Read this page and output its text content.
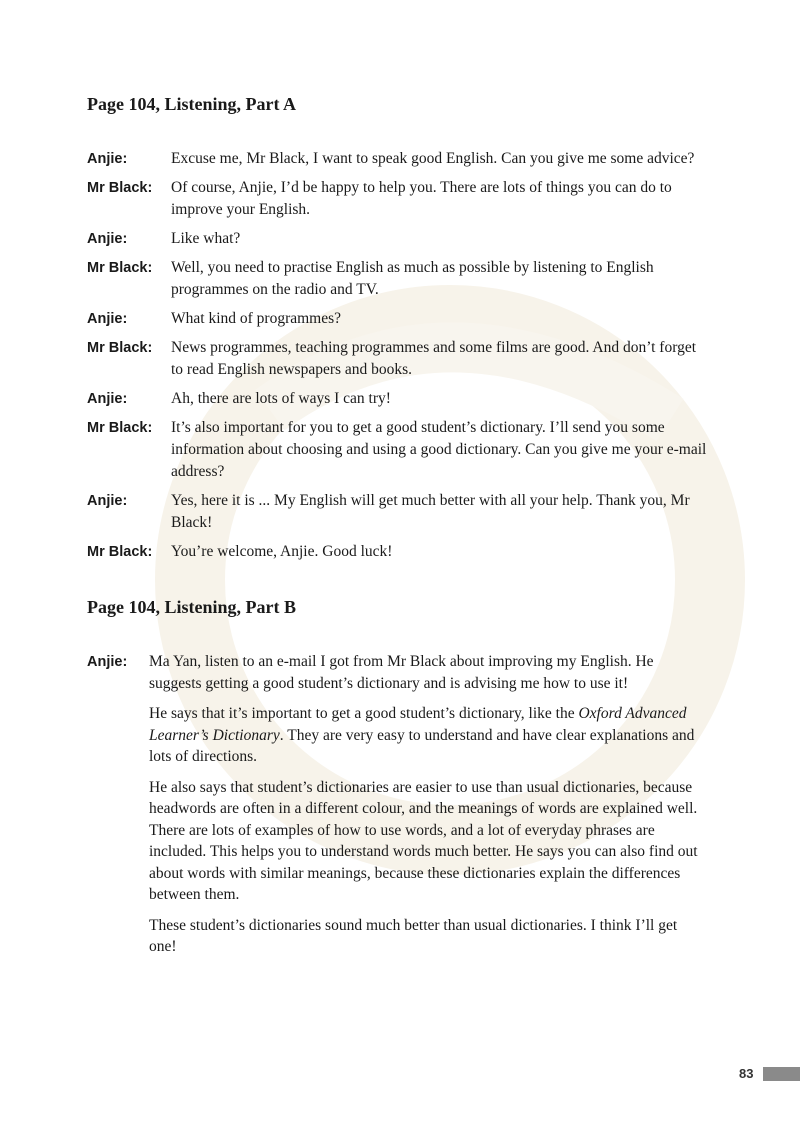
Page 104, Listening, Part A
Anjie:	Excuse me, Mr Black, I want to speak good English. Can you give me some advice?
Mr Black:	Of course, Anjie, I’d be happy to help you. There are lots of things you can do to improve your English.
Anjie:	Like what?
Mr Black:	Well, you need to practise English as much as possible by listening to English programmes on the radio and TV.
Anjie:	What kind of programmes?
Mr Black:	News programmes, teaching programmes and some films are good. And don’t forget to read English newspapers and books.
Anjie:	Ah, there are lots of ways I can try!
Mr Black:	It’s also important for you to get a good student’s dictionary. I’ll send you some information about choosing and using a good dictionary. Can you give me your e-mail address?
Anjie:	Yes, here it is ... My English will get much better with all your help. Thank you, Mr Black!
Mr Black:	You’re welcome, Anjie. Good luck!
Page 104, Listening, Part B
Anjie:	Ma Yan, listen to an e-mail I got from Mr Black about improving my English. He suggests getting a good student’s dictionary and is advising me how to use it!

He says that it’s important to get a good student’s dictionary, like the Oxford Advanced Learner’s Dictionary. They are very easy to understand and have clear explanations and lots of directions.

He also says that student’s dictionaries are easier to use than usual dictionaries, because headwords are often in a different colour, and the meanings of words are explained well. There are lots of examples of how to use words, and a lot of everyday phrases are included. This helps you to understand words much better. He says you can also find out about words with similar meanings, because these dictionaries explain the differences between them.

These student’s dictionaries sound much better than usual dictionaries. I think I’ll get one!

83
